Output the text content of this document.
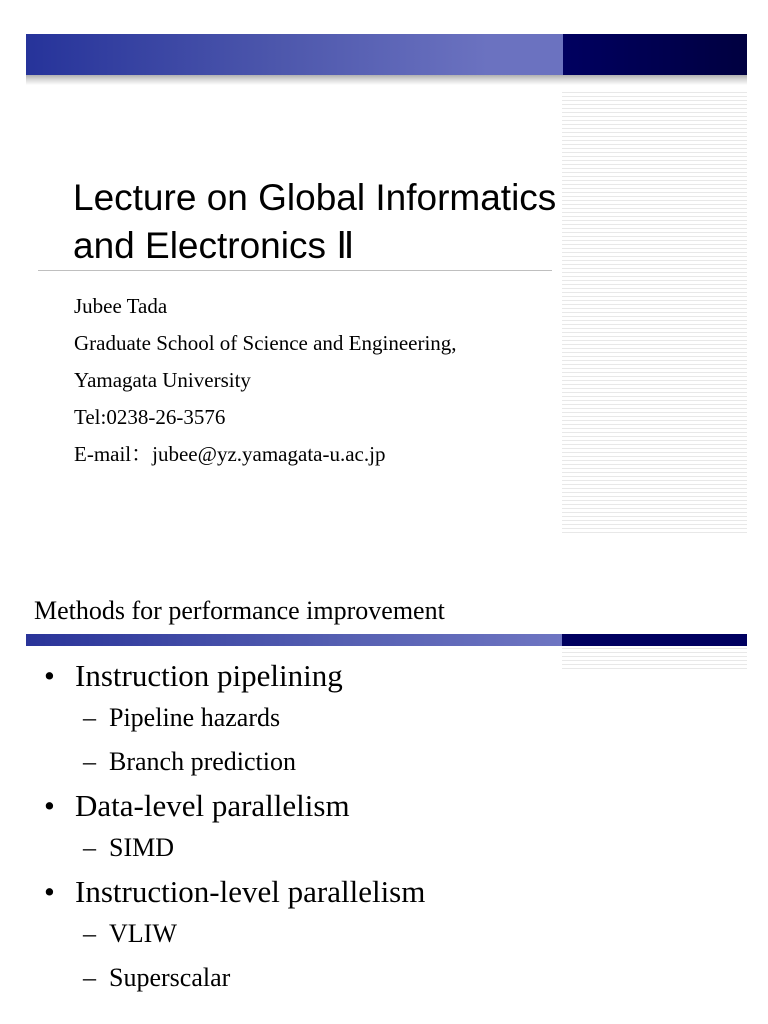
Lecture on Global Informatics
and Electronics Ⅱ
Jubee Tada
Graduate School of Science and Engineering,
Yamagata University
Tel:0238-26-3576
E-mail：jubee@yz.yamagata-u.ac.jp
Methods for performance improvement
• Instruction pipelining
– Pipeline hazards
– Branch prediction
• Data-level parallelism
– SIMD
• Instruction-level parallelism
– VLIW
– Superscalar
